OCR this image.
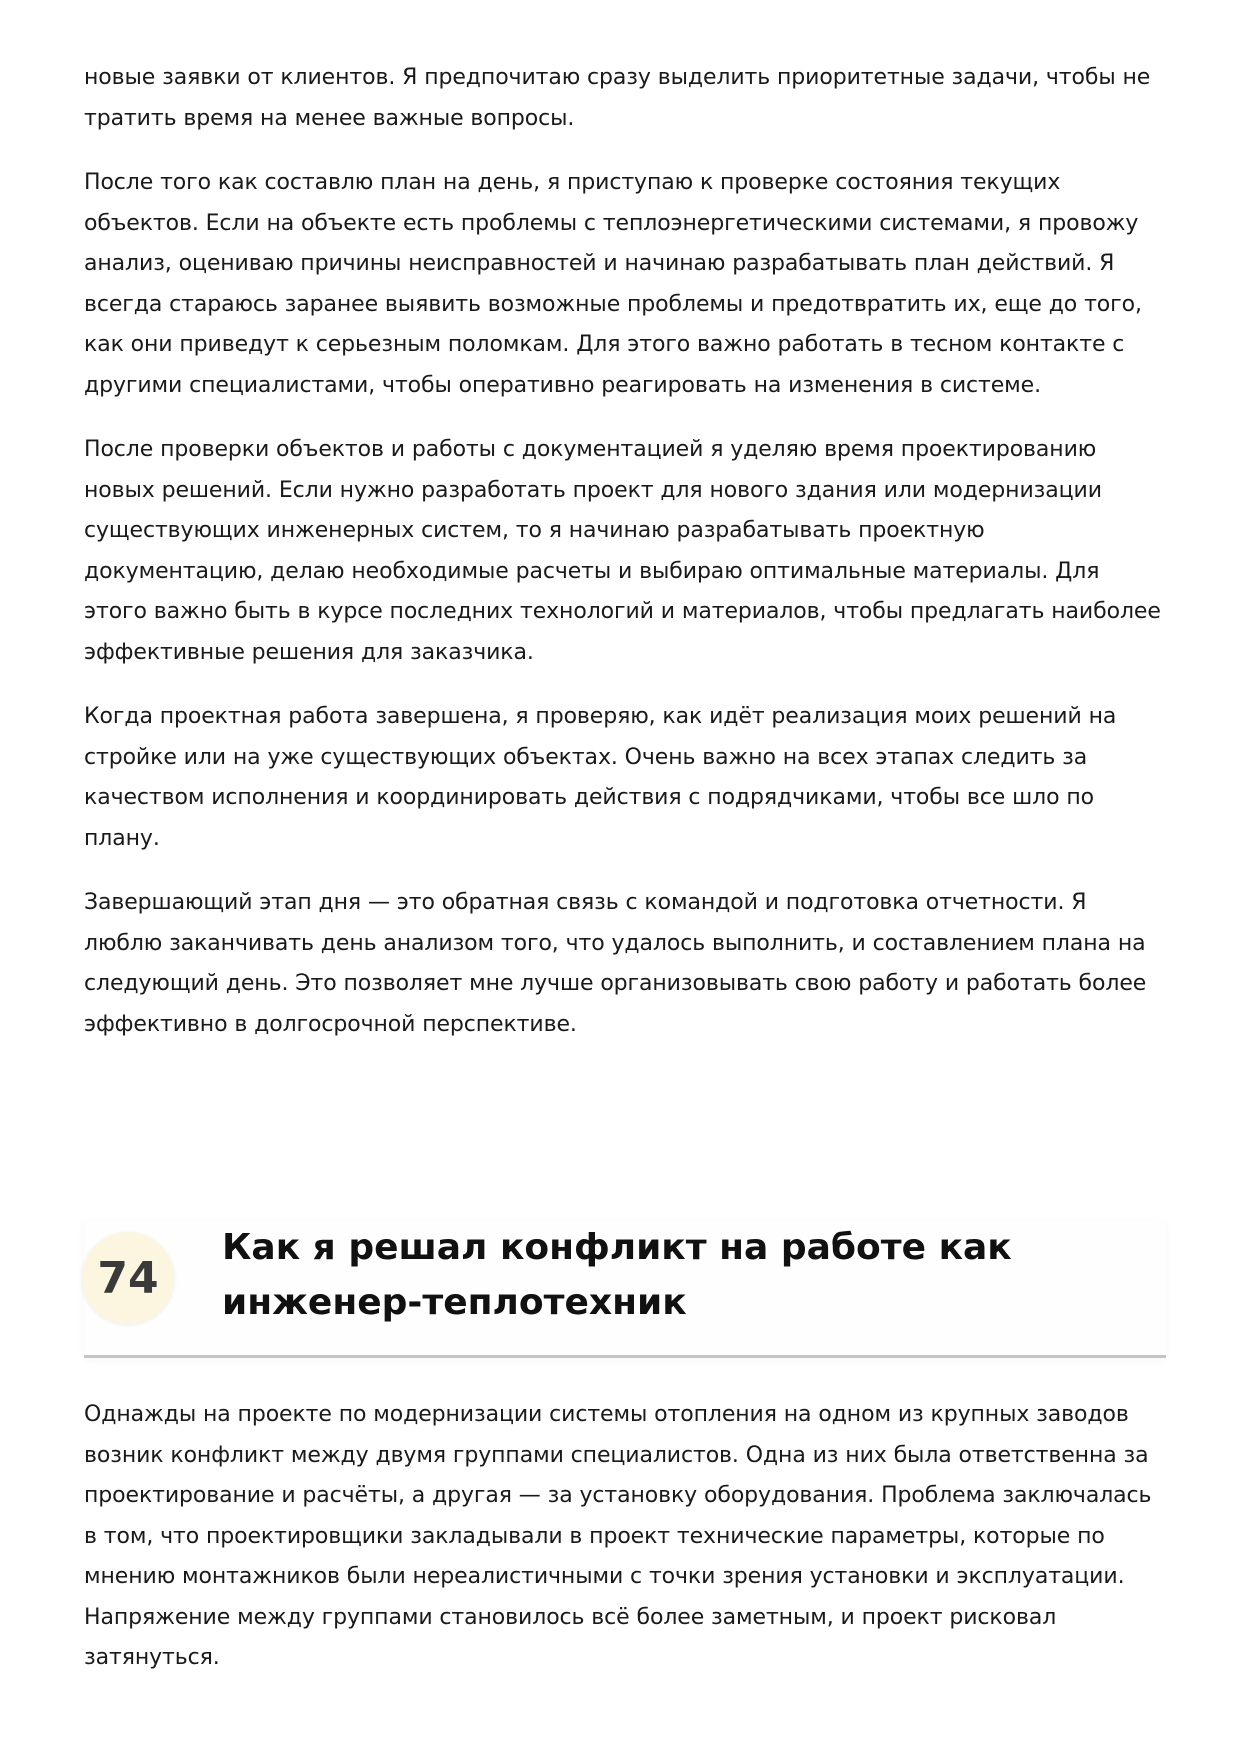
новые заявки от клиентов. Я предпочитаю сразу выделить приоритетные задачи, чтобы не тратить время на менее важные вопросы.

После того как составлю план на день, я приступаю к проверке состояния текущих объектов. Если на объекте есть проблемы с теплоэнергетическими системами, я провожу анализ, оцениваю причины неисправностей и начинаю разрабатывать план действий. Я всегда стараюсь заранее выявить возможные проблемы и предотвратить их, еще до того, как они приведут к серьезным поломкам. Для этого важно работать в тесном контакте с другими специалистами, чтобы оперативно реагировать на изменения в системе.

После проверки объектов и работы с документацией я уделяю время проектированию новых решений. Если нужно разработать проект для нового здания или модернизации существующих инженерных систем, то я начинаю разрабатывать проектную документацию, делаю необходимые расчеты и выбираю оптимальные материалы. Для этого важно быть в курсе последних технологий и материалов, чтобы предлагать наиболее эффективные решения для заказчика.

Когда проектная работа завершена, я проверяю, как идёт реализация моих решений на стройке или на уже существующих объектах. Очень важно на всех этапах следить за качеством исполнения и координировать действия с подрядчиками, чтобы все шло по плану.

Завершающий этап дня — это обратная связь с командой и подготовка отчетности. Я люблю заканчивать день анализом того, что удалось выполнить, и составлением плана на следующий день. Это позволяет мне лучше организовывать свою работу и работать более эффективно в долгосрочной перспективе.

74
Как я решал конфликт на работе как инженер-теплотехник

Однажды на проекте по модернизации системы отопления на одном из крупных заводов возник конфликт между двумя группами специалистов. Одна из них была ответственна за проектирование и расчёты, а другая — за установку оборудования. Проблема заключалась в том, что проектировщики закладывали в проект технические параметры, которые по мнению монтажников были нереалистичными с точки зрения установки и эксплуатации. Напряжение между группами становилось всё более заметным, и проект рисковал затянуться.
